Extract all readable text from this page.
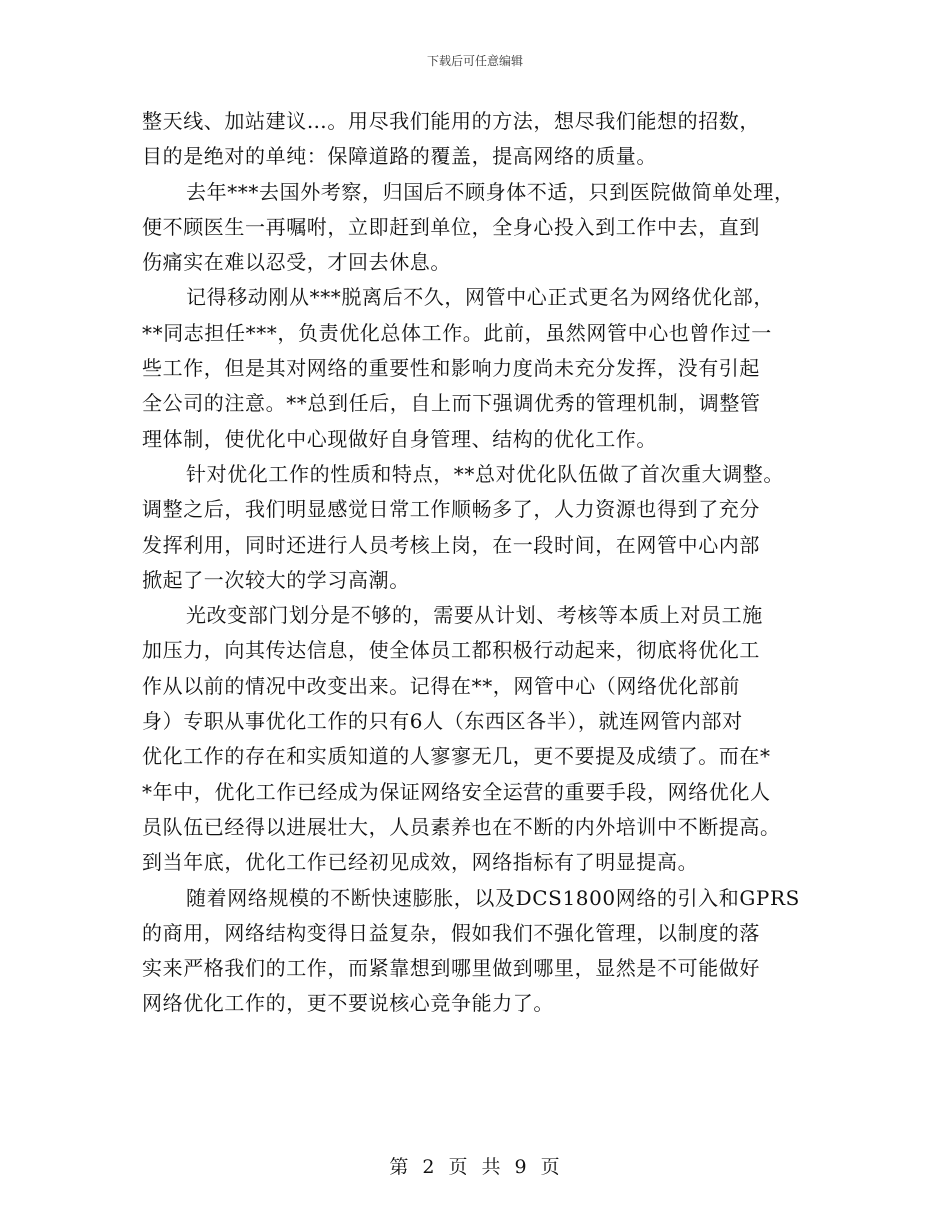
下载后可任意编辑
整天线、加站建议…。用尽我们能用的方法，想尽我们能想的招数，
目的是绝对的单纯：保障道路的覆盖，提高网络的质量。
去年***去国外考察，归国后不顾身体不适，只到医院做简单处理，
便不顾医生一再嘱咐，立即赶到单位，全身心投入到工作中去，直到
伤痛实在难以忍受，才回去休息。
记得移动刚从***脱离后不久，网管中心正式更名为网络优化部，
**同志担任***，负责优化总体工作。此前，虽然网管中心也曾作过一
些工作，但是其对网络的重要性和影响力度尚未充分发挥，没有引起
全公司的注意。**总到任后，自上而下强调优秀的管理机制，调整管
理体制，使优化中心现做好自身管理、结构的优化工作。
针对优化工作的性质和特点，**总对优化队伍做了首次重大调整。
调整之后，我们明显感觉日常工作顺畅多了，人力资源也得到了充分
发挥利用，同时还进行人员考核上岗，在一段时间，在网管中心内部
掀起了一次较大的学习高潮。
光改变部门划分是不够的，需要从计划、考核等本质上对员工施
加压力，向其传达信息，使全体员工都积极行动起来，彻底将优化工
作从以前的情况中改变出来。记得在**，网管中心（网络优化部前
身）专职从事优化工作的只有6人（东西区各半），就连网管内部对
优化工作的存在和实质知道的人寥寥无几，更不要提及成绩了。而在*
*年中，优化工作已经成为保证网络安全运营的重要手段，网络优化人
员队伍已经得以进展壮大，人员素养也在不断的内外培训中不断提高。
到当年底，优化工作已经初见成效，网络指标有了明显提高。
随着网络规模的不断快速膨胀，以及DCS1800网络的引入和GPRS
的商用，网络结构变得日益复杂，假如我们不强化管理，以制度的落
实来严格我们的工作，而紧靠想到哪里做到哪里，显然是不可能做好
网络优化工作的，更不要说核心竞争能力了。
第 2 页 共 9 页
